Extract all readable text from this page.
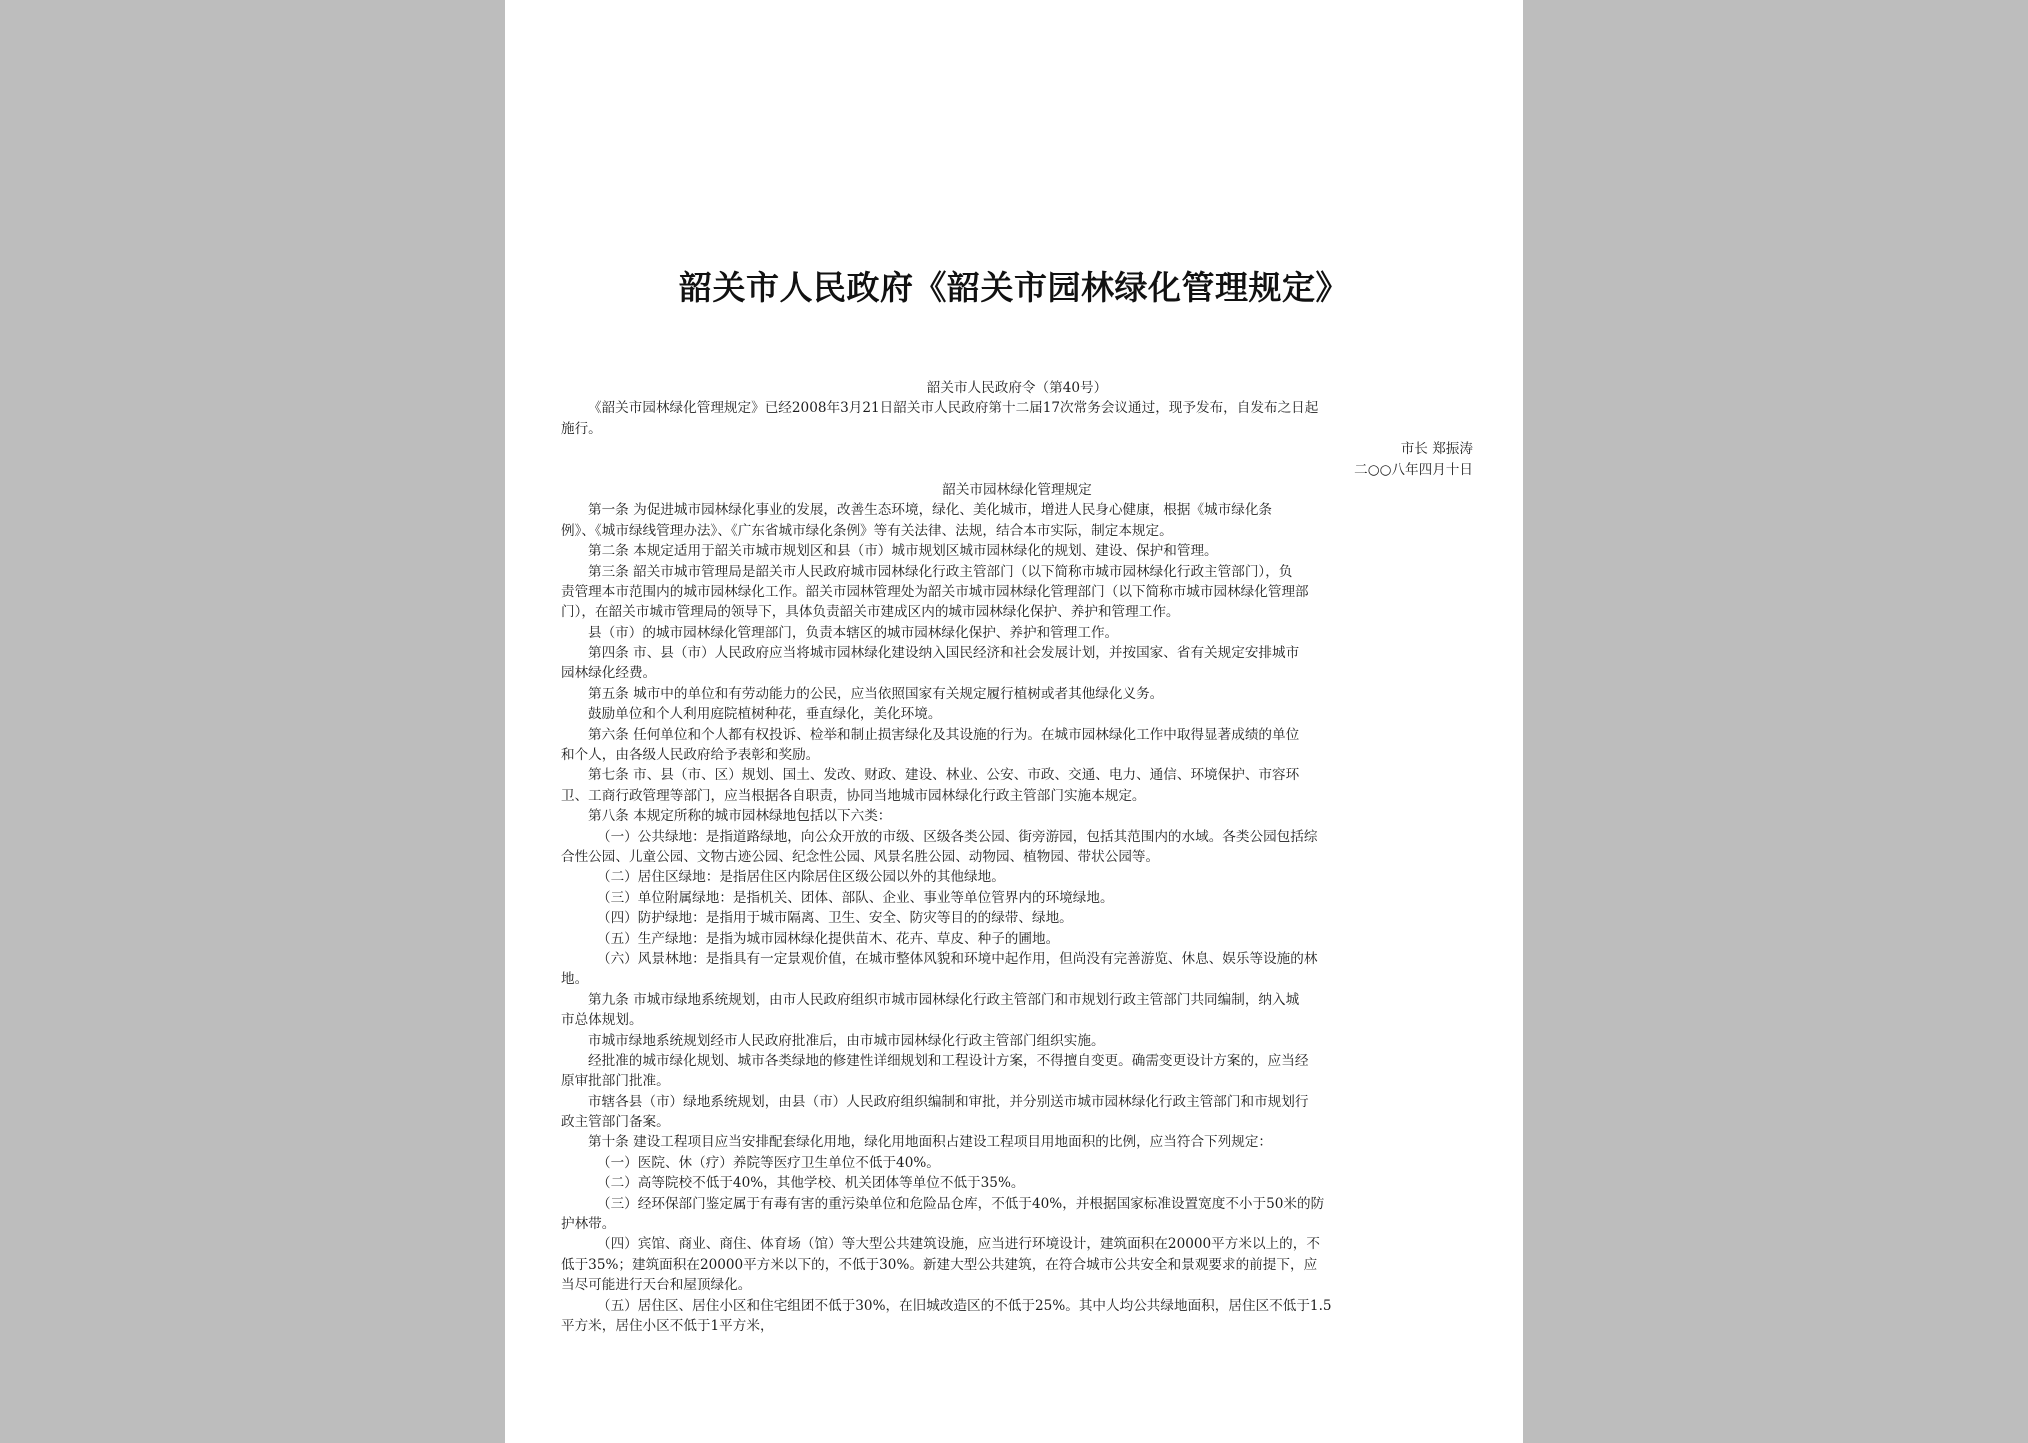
韶关市人民政府《韶关市园林绿化管理规定》
韶关市人民政府令（第40号）
《韶关市园林绿化管理规定》已经2008年3月21日韶关市人民政府第十二届17次常务会议通过，现予发布，自发布之日起
施行。
市长 郑振涛
二○○八年四月十日
韶关市园林绿化管理规定
第一条 为促进城市园林绿化事业的发展，改善生态环境，绿化、美化城市，增进人民身心健康，根据《城市绿化条
例》、《城市绿线管理办法》、《广东省城市绿化条例》等有关法律、法规，结合本市实际，制定本规定。
第二条 本规定适用于韶关市城市规划区和县（市）城市规划区城市园林绿化的规划、建设、保护和管理。
第三条 韶关市城市管理局是韶关市人民政府城市园林绿化行政主管部门（以下简称市城市园林绿化行政主管部门），负
责管理本市范围内的城市园林绿化工作。韶关市园林管理处为韶关市城市园林绿化管理部门（以下简称市城市园林绿化管理部
门），在韶关市城市管理局的领导下，具体负责韶关市建成区内的城市园林绿化保护、养护和管理工作。
县（市）的城市园林绿化管理部门，负责本辖区的城市园林绿化保护、养护和管理工作。
第四条 市、县（市）人民政府应当将城市园林绿化建设纳入国民经济和社会发展计划，并按国家、省有关规定安排城市
园林绿化经费。
第五条 城市中的单位和有劳动能力的公民，应当依照国家有关规定履行植树或者其他绿化义务。
鼓励单位和个人利用庭院植树种花，垂直绿化，美化环境。
第六条 任何单位和个人都有权投诉、检举和制止损害绿化及其设施的行为。在城市园林绿化工作中取得显著成绩的单位
和个人，由各级人民政府给予表彰和奖励。
第七条 市、县（市、区）规划、国土、发改、财政、建设、林业、公安、市政、交通、电力、通信、环境保护、市容环
卫、工商行政管理等部门，应当根据各自职责，协同当地城市园林绿化行政主管部门实施本规定。
第八条 本规定所称的城市园林绿地包括以下六类：
（一）公共绿地：是指道路绿地，向公众开放的市级、区级各类公园、街旁游园，包括其范围内的水域。各类公园包括综
合性公园、儿童公园、文物古迹公园、纪念性公园、风景名胜公园、动物园、植物园、带状公园等。
（二）居住区绿地：是指居住区内除居住区级公园以外的其他绿地。
（三）单位附属绿地：是指机关、团体、部队、企业、事业等单位管界内的环境绿地。
（四）防护绿地：是指用于城市隔离、卫生、安全、防灾等目的的绿带、绿地。
（五）生产绿地：是指为城市园林绿化提供苗木、花卉、草皮、种子的圃地。
（六）风景林地：是指具有一定景观价值，在城市整体风貌和环境中起作用，但尚没有完善游览、休息、娱乐等设施的林
地。
第九条 市城市绿地系统规划，由市人民政府组织市城市园林绿化行政主管部门和市规划行政主管部门共同编制，纳入城
市总体规划。
市城市绿地系统规划经市人民政府批准后，由市城市园林绿化行政主管部门组织实施。
经批准的城市绿化规划、城市各类绿地的修建性详细规划和工程设计方案，不得擅自变更。确需变更设计方案的，应当经
原审批部门批准。
市辖各县（市）绿地系统规划，由县（市）人民政府组织编制和审批，并分别送市城市园林绿化行政主管部门和市规划行
政主管部门备案。
第十条 建设工程项目应当安排配套绿化用地，绿化用地面积占建设工程项目用地面积的比例，应当符合下列规定：
（一）医院、休（疗）养院等医疗卫生单位不低于40%。
（二）高等院校不低于40%，其他学校、机关团体等单位不低于35%。
（三）经环保部门鉴定属于有毒有害的重污染单位和危险品仓库，不低于40%，并根据国家标准设置宽度不小于50米的防
护林带。
（四）宾馆、商业、商住、体育场（馆）等大型公共建筑设施，应当进行环境设计，建筑面积在20000平方米以上的，不
低于35%；建筑面积在20000平方米以下的，不低于30%。新建大型公共建筑，在符合城市公共安全和景观要求的前提下，应
当尽可能进行天台和屋顶绿化。
（五）居住区、居住小区和住宅组团不低于30%，在旧城改造区的不低于25%。其中人均公共绿地面积，居住区不低于1.5
平方米，居住小区不低于1平方米，
